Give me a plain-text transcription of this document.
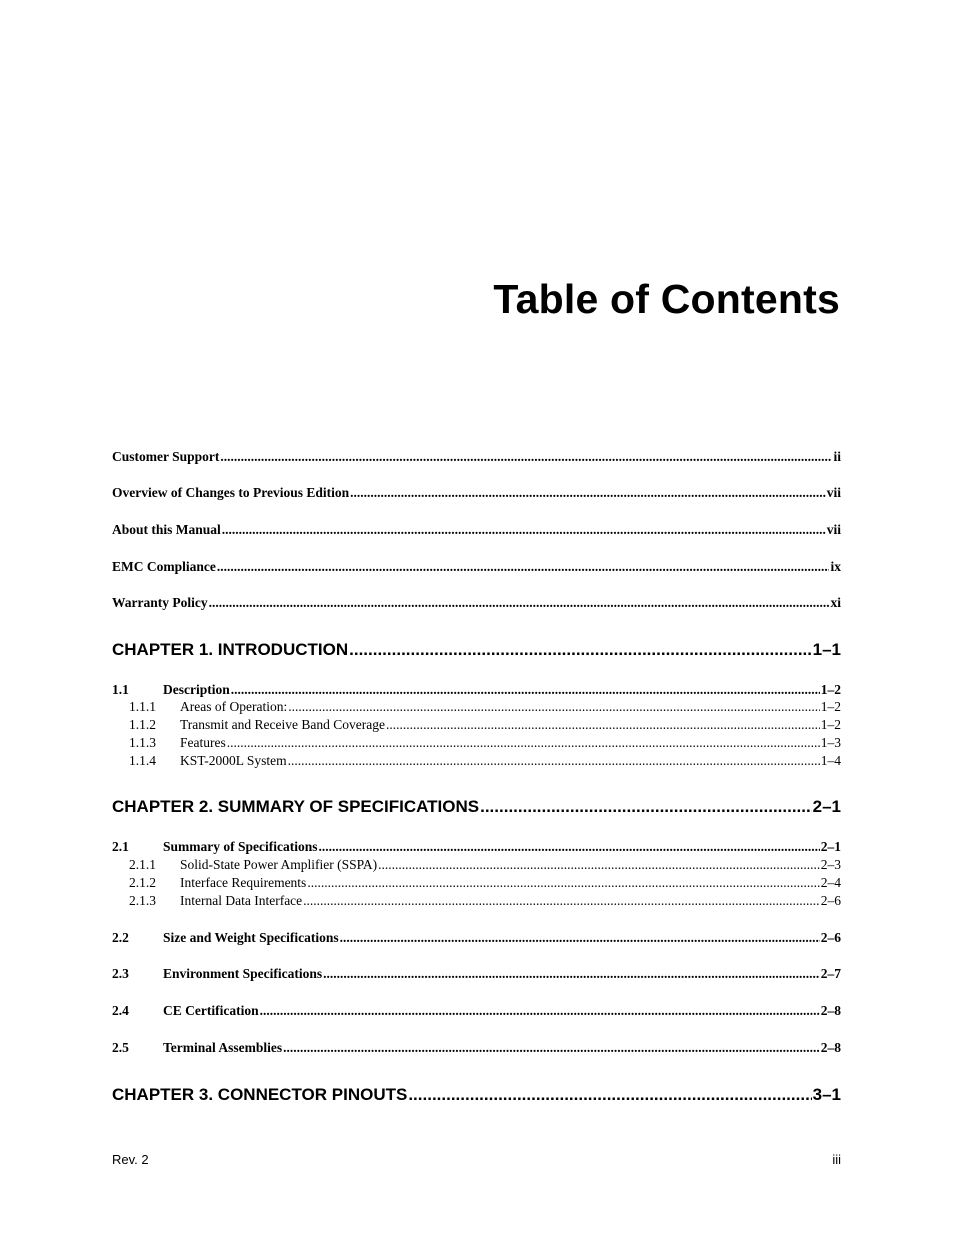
Table of Contents
Customer Support .....	ii
Overview of Changes to Previous Edition .....	vii
About this Manual .....	vii
EMC Compliance .....	ix
Warranty Policy .....	xi
CHAPTER 1. INTRODUCTION .....	1–1
1.1	Description .....	1–2
1.1.1 Areas of Operation: .....	1–2
1.1.2 Transmit and Receive Band Coverage .....	1–2
1.1.3 Features .....	1–3
1.1.4 KST-2000L System .....	1–4
CHAPTER 2. SUMMARY OF SPECIFICATIONS .....	2–1
2.1	Summary of Specifications .....	2–1
2.1.1 Solid-State Power Amplifier (SSPA) .....	2–3
2.1.2 Interface Requirements .....	2–4
2.1.3 Internal Data Interface .....	2–6
2.2	Size and Weight Specifications .....	2–6
2.3	Environment Specifications .....	2–7
2.4	CE Certification .....	2–8
2.5	Terminal Assemblies .....	2–8
CHAPTER 3. CONNECTOR PINOUTS .....	3–1
Rev. 2	iii
